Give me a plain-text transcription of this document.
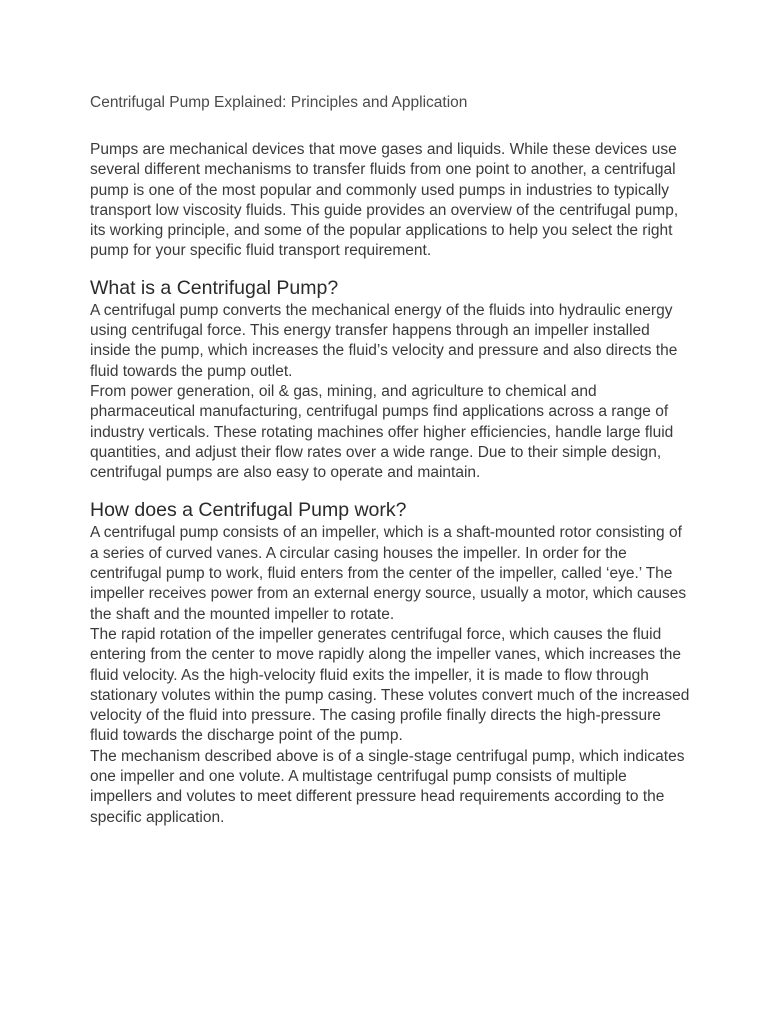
Centrifugal Pump Explained: Principles and Application

Pumps are mechanical devices that move gases and liquids. While these devices use several different mechanisms to transfer fluids from one point to another, a centrifugal pump is one of the most popular and commonly used pumps in industries to typically transport low viscosity fluids. This guide provides an overview of the centrifugal pump, its working principle, and some of the popular applications to help you select the right pump for your specific fluid transport requirement.

What is a Centrifugal Pump?

A centrifugal pump converts the mechanical energy of the fluids into hydraulic energy using centrifugal force. This energy transfer happens through an impeller installed inside the pump, which increases the fluid’s velocity and pressure and also directs the fluid towards the pump outlet.

From power generation, oil & gas, mining, and agriculture to chemical and pharmaceutical manufacturing, centrifugal pumps find applications across a range of industry verticals. These rotating machines offer higher efficiencies, handle large fluid quantities, and adjust their flow rates over a wide range. Due to their simple design, centrifugal pumps are also easy to operate and maintain.

How does a Centrifugal Pump work?

A centrifugal pump consists of an impeller, which is a shaft-mounted rotor consisting of a series of curved vanes. A circular casing houses the impeller. In order for the centrifugal pump to work, fluid enters from the center of the impeller, called ‘eye.’ The impeller receives power from an external energy source, usually a motor, which causes the shaft and the mounted impeller to rotate.

The rapid rotation of the impeller generates centrifugal force, which causes the fluid entering from the center to move rapidly along the impeller vanes, which increases the fluid velocity. As the high-velocity fluid exits the impeller, it is made to flow through stationary volutes within the pump casing. These volutes convert much of the increased velocity of the fluid into pressure. The casing profile finally directs the high-pressure fluid towards the discharge point of the pump.

The mechanism described above is of a single-stage centrifugal pump, which indicates one impeller and one volute. A multistage centrifugal pump consists of multiple impellers and volutes to meet different pressure head requirements according to the specific application.
